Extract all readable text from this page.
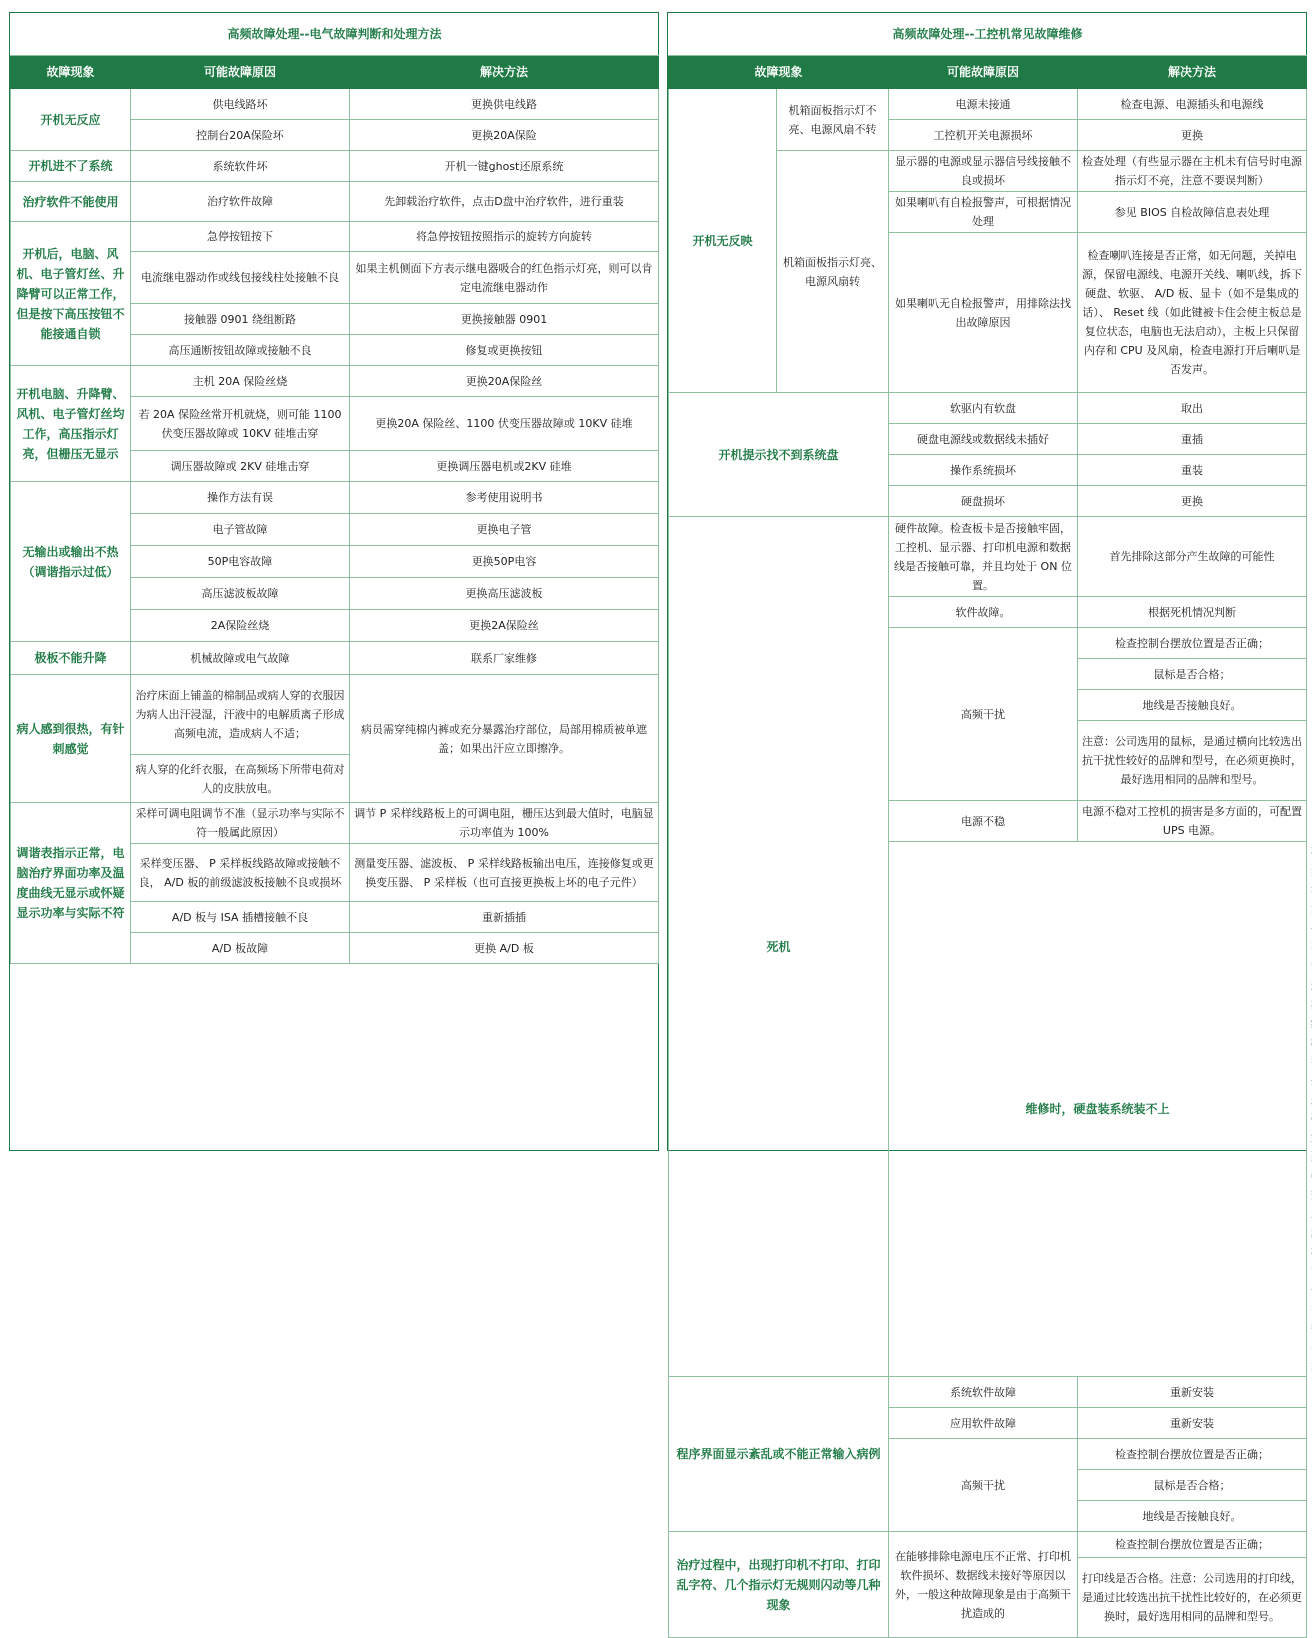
高频故障处理--电气故障判断和处理方法		
故障现象	可能故障原因	解决方法
开机无反应	供电线路坏	更换供电线路
	控制台20A保险坏	更换20A保险
开机进不了系统	系统软件坏	开机一键ghost还原系统
治疗软件不能使用	治疗软件故障	先卸载治疗软件，点击D盘中治疗软件，进行重装
开机后，电脑、风机、电子管灯丝、升降臂可以正常工作，但是按下高压按钮不能接通自锁	急停按钮按下	将急停按钮按照指示的旋转方向旋转
	电流继电器动作或线包接线柱处接触不良	如果主机侧面下方表示继电器吸合的红色指示灯亮，则可以肯定电流继电器动作
	接触器 0901 绕组断路	更换接触器 0901
	高压通断按钮故障或接触不良	修复或更换按钮
开机电脑、升降臂、风机、电子管灯丝均工作，高压指示灯亮，但栅压无显示	主机 20A 保险丝烧	更换20A保险丝
	若 20A 保险丝常开机就烧，则可能 1100 伏变压器故障或 10KV 硅堆击穿	更换20A 保险丝、1100 伏变压器故障或 10KV 硅堆
	调压器故障或 2KV 硅堆击穿	更换调压器电机或2KV 硅堆
无输出或输出不热（调谐指示过低）	操作方法有误	参考使用说明书
	电子管故障	更换电子管
	50P电容故障	更换50P电容
	高压滤波板故障	更换高压滤波板
	2A保险丝烧	更换2A保险丝
极板不能升降	机械故障或电气故障	联系厂家维修
病人感到很热，有针刺感觉	治疗床面上铺盖的棉制品或病人穿的衣服因为病人出汗浸湿，汗液中的电解质离子形成高频电流，造成病人不适；	病员需穿纯棉内裤或充分暴露治疗部位，局部用棉质被单遮盖；如果出汗应立即擦净。
	病人穿的化纤衣服，在高频场下所带电荷对人的皮肤放电。	
调谐表指示正常，电脑治疗界面功率及温度曲线无显示或怀疑显示功率与实际不符	采样可调电阻调节不准（显示功率与实际不符一般属此原因）	调节 P 采样线路板上的可调电阻，栅压达到最大值时，电脑显示功率值为 100%
	采样变压器、 P 采样板线路故障或接触不良， A/D 板的前级滤波板接触不良或损坏	测量变压器、滤波板、 P 采样线路板输出电压，连接修复或更换变压器、 P 采样板（也可直接更换板上坏的电子元件）
	A/D 板与 ISA 插槽接触不良	重新插插
	A/D 板故障	更换 A/D 板
高频故障处理--工控机常见故障维修				
故障现象		可能故障原因	解决方法	
开机无反映	机箱面板指示灯不亮、电源风扇不转	电源未接通	检查电源、电源插头和电源线	
		工控机开关电源损坏	更换	
	机箱面板指示灯亮、电源风扇转	显示器的电源或显示器信号线接触不良或损坏	检查处理（有些显示器在主机未有信号时电源指示灯不亮，注意不要误判断）	
		如果喇叭有自检报警声，可根据情况处理	参见 BIOS 自检故障信息表处理	
		如果喇叭无自检报警声，用排除法找出故障原因	检查喇叭连接是否正常，如无问题，关掉电源，保留电源线、电源开关线、喇叭线，拆下硬盘、软驱、 A/D 板、显卡（如不是集成的话）、 Reset 线（如此键被卡住会使主板总是复位状态，电脑也无法启动），主板上只保留内存和 CPU 及风扇，检查电源打开后喇叭是否发声。	
开机提示找不到系统盘		软驱内有软盘	取出	
		硬盘电源线或数据线未插好	重插	
		操作系统损坏	重装	
		硬盘损坏	更换	
死机		硬件故障。检查板卡是否接触牢固，工控机、显示器、打印机电源和数据线是否接触可靠，并且均处于 ON 位置。	首先排除这部分产生故障的可能性	
		软件故障。	根据死机情况判断	
		高频干扰	检查控制台摆放位置是否正确；	
			鼠标是否合格；	
			地线是否接触良好。	
			注意：公司选用的鼠标，是通过横向比较选出抗干扰性较好的品牌和型号，在必须更换时，最好选用相同的品牌和型号。	
		电源不稳	电源不稳对工控机的损害是多方面的，可配置 UPS 电源。	
		维修时，硬盘装系统装不上		
程序界面显示紊乱或不能正常输入病例		系统软件故障	重新安装	
		应用软件故障	重新安装	
		高频干扰	检查控制台摆放位置是否正确；	
			鼠标是否合格；	
			地线是否接触良好。	
治疗过程中，出现打印机不打印、打印乱字符、几个指示灯无规则闪动等几种现象		在能够排除电源电压不正常、打印机软件损坏、数据线未接好等原因以外，一般这种故障现象是由于高频干扰造成的	检查控制台摆放位置是否正确；	
			打印线是否合格。注意：公司选用的打印线，是通过比较选出抗干扰性比较好的，在必须更换时，最好选用相同的品牌和型号。	
